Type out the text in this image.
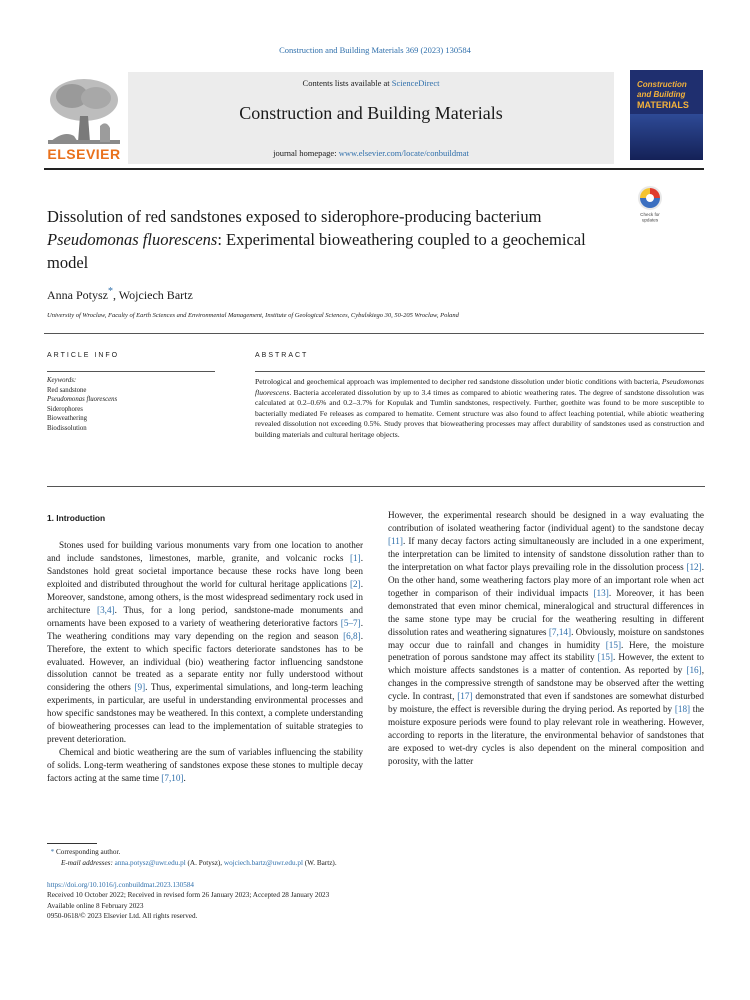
Construction and Building Materials 369 (2023) 130584
ELSEVIER
Contents lists available at ScienceDirect
Construction and Building Materials
journal homepage: www.elsevier.com/locate/conbuildmat
Construction
and Building
MATERIALS
Dissolution of red sandstones exposed to siderophore-producing bacterium Pseudomonas fluorescens: Experimental bioweathering coupled to a geochemical model
Check for
updates
Anna Potysz*, Wojciech Bartz
University of Wroclaw, Faculty of Earth Sciences and Environmental Management, Institute of Geological Sciences, Cybulskiego 30, 50-205 Wroclaw, Poland
ARTICLE INFO	ABSTRACT
Keywords:
Red sandstone
Pseudomonas fluorescens
Siderophores
Bioweathering
Biodissolution
Petrological and geochemical approach was implemented to decipher red sandstone dissolution under biotic conditions with bacteria, Pseudomonas fluorescens. Bacteria accelerated dissolution by up to 3.4 times as compared to abiotic weathering rates. The degree of sandstone dissolution was calculated at 0.2–0.6% and 0.2–3.7% for Kopulak and Tumlin sandstones, respectively. Further, goethite was found to be more susceptible to bacterially mediated Fe releases as compared to hematite. Cement structure was also found to affect leaching potential, while abiotic weathering revealed dissolution not exceeding 0.5%. Study proves that bioweathering processes may affect durability of sandstones used as construction and building materials and cultural heritage objects.
1. Introduction

Stones used for building various monuments vary from one location to another and include sandstones, limestones, marble, granite, and volcanic rocks [1]. Sandstones hold great societal importance because these rocks have long been exploited and distributed throughout the world for cultural heritage applications [2]. Moreover, sandstone, among others, is the most widespread sedimentary rock used in architecture [3,4]. Thus, for a long period, sandstone-made monuments and ornaments have been exposed to a variety of weathering deteriorative factors [5–7]. The weathering conditions may vary depending on the region and season [6,8]. Therefore, the extent to which specific factors deteriorate sandstones has to be evaluated. However, an individual (bio) weathering factor influencing sandstone dissolution cannot be treated as a separate entity nor fully understood without considering the others [9]. Thus, experimental simulations, and long-term leaching experiments, in particular, are useful in understanding environmental processes and how specific sandstones may be weathered. In this context, a complete understanding of bioweathering processes can lead to the implementation of suitable strategies to prevent deterioration.

Chemical and biotic weathering are the sum of variables influencing the stability of solids. Long-term weathering of sandstones expose these stones to multiple decay factors acting at the same time [7,10].

However, the experimental research should be designed in a way evaluating the contribution of isolated weathering factor (individual agent) to the sandstone decay [11]. If many decay factors acting simultaneously are included in a one experiment, the interpretation can be limited to intensity of sandstone dissolution rather than to the interpretation on what factor plays prevailing role in the dissolution process [12]. On the other hand, some weathering factors play more of an important role when act together in comparison of their individual impacts [13]. Moreover, it has been demonstrated that even minor chemical, mineralogical and structural differences in the same stone type may be crucial for the weathering resulting in different dissolution rates and weathering signatures [7,14]. Obviously, moisture on sandstones may occur due to rainfall and changes in humidity [15]. Here, the moisture penetration of porous sandstone may affect its stability [15]. However, the extent to which moisture affects sandstones is a matter of contention. As reported by [16], changes in the compressive strength of sandstone may be observed after the wetting cycle. In contrast, [17] demonstrated that even if sandstones are somewhat disturbed by moisture, the effect is reversible during the drying period. As reported by [18] the moisture exposure periods were found to play relevant role in weathering. However, according to reports in the literature, the environmental behavior of sandstones that are exposed to wet-dry cycles is also dependent on the mineral composition and porosity, with the latter

* Corresponding author.
E-mail addresses: anna.potysz@uwr.edu.pl (A. Potysz), wojciech.bartz@uwr.edu.pl (W. Bartz).
https://doi.org/10.1016/j.conbuildmat.2023.130584
Received 10 October 2022; Received in revised form 26 January 2023; Accepted 28 January 2023
Available online 8 February 2023
0950-0618/© 2023 Elsevier Ltd. All rights reserved.
